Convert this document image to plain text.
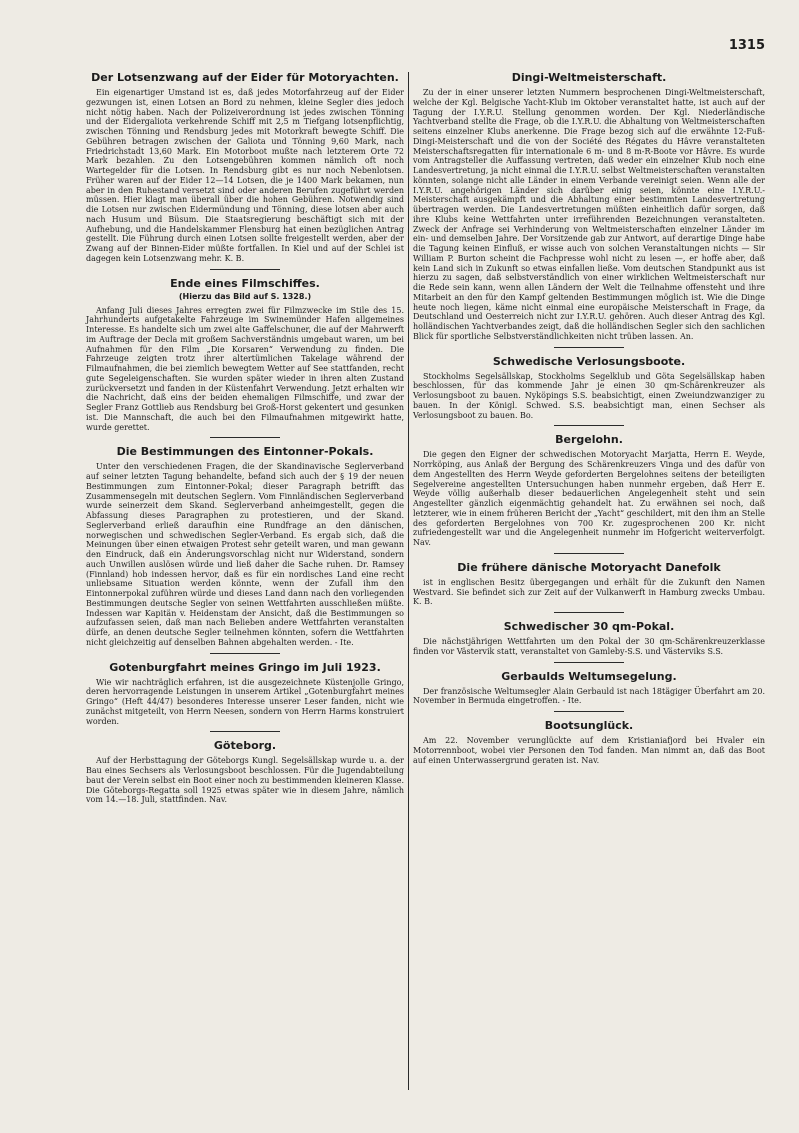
1315
Der Lotsenzwang auf der Eider für Motoryachten.

Ein eigenartiger Umstand ist es, daß jedes Motorfahrzeug auf der Eider gezwungen ist, einen Lotsen an Bord zu nehmen, kleine Segler dies jedoch nicht nötig haben. Nach der Polizeiverordnung ist jedes zwischen Tönning und der Eidergaliota verkehrende Schiff mit 2,5 m Tiefgang lotsenpflichtig, zwischen Tönning und Rendsburg jedes mit Motorkraft bewegte Schiff. Die Gebühren betragen zwischen der Galiota und Tönning 9,60 Mark, nach Friedrichstadt 13,60 Mark. Ein Motorboot mußte nach letzterem Orte 72 Mark bezahlen. Zu den Lotsengebühren kommen nämlich oft noch Wartegelder für die Lotsen. In Rendsburg gibt es nur noch Nebenlotsen. Früher waren auf der Eider 12—14 Lotsen, die je 1400 Mark bekamen, nun aber in den Ruhestand versetzt sind oder anderen Berufen zugeführt werden müssen. Hier klagt man überall über die hohen Gebühren. Notwendig sind die Lotsen nur zwischen Eidermündung und Tönning, diese lotsen aber auch nach Husum und Büsum. Die Staatsregierung beschäftigt sich mit der Aufhebung, und die Handelskammer Flensburg hat einen bezüglichen Antrag gestellt. Die Führung durch einen Lotsen sollte freigestellt werden, aber der Zwang auf der Binnen-Eider müßte fortfallen. In Kiel und auf der Schlei ist dagegen kein Lotsenzwang mehr. K. B.

Ende eines Filmschiffes.

(Hierzu das Bild auf S. 1328.)

Anfang Juli dieses Jahres erregten zwei für Filmzwecke im Stile des 15. Jahrhunderts aufgetakelte Fahrzeuge im Swinemünder Hafen allgemeines Interesse. Es handelte sich um zwei alte Gaffelschuner, die auf der Mahrwerft im Auftrage der Decla mit großem Sachverständnis umgebaut waren, um bei Aufnahmen für den Film „Die Korsaren“ Verwendung zu finden. Die Fahrzeuge zeigten trotz ihrer altertümlichen Takelage während der Filmaufnahmen, die bei ziemlich bewegtem Wetter auf See stattfanden, recht gute Segeleigenschaften. Sie wurden später wieder in ihren alten Zustand zurückversetzt und fanden in der Küstenfahrt Verwendung. Jetzt erhalten wir die Nachricht, daß eins der beiden ehemaligen Filmschiffe, und zwar der Segler Franz Gottlieb aus Rendsburg bei Groß-Horst gekentert und gesunken ist. Die Mannschaft, die auch bei den Filmaufnahmen mitgewirkt hatte, wurde gerettet.

Die Bestimmungen des Eintonner-Pokals.

Unter den verschiedenen Fragen, die der Skandinavische Seglerverband auf seiner letzten Tagung behandelte, befand sich auch der § 19 der neuen Bestimmungen zum Eintonner-Pokal; dieser Paragraph betrifft das Zusammensegeln mit deutschen Seglern. Vom Finnländischen Seglerverband wurde seinerzeit dem Skand. Seglerverband anheimgestellt, gegen die Abfassung dieses Paragraphen zu protestieren, und der Skand. Seglerverband erließ daraufhin eine Rundfrage an den dänischen, norwegischen und schwedischen Segler-Verband. Es ergab sich, daß die Meinungen über einen etwaigen Protest sehr geteilt waren, und man gewann den Eindruck, daß ein Änderungsvorschlag nicht nur Widerstand, sondern auch Unwillen auslösen würde und ließ daher die Sache ruhen. Dr. Ramsey (Finnland) hob indessen hervor, daß es für ein nordisches Land eine recht unliebsame Situation werden könnte, wenn der Zufall ihm den Eintonnerpokal zuführen würde und dieses Land dann nach den vorliegenden Bestimmungen deutsche Segler von seinen Wettfahrten ausschließen müßte. Indessen war Kapitän v. Heidenstam der Ansicht, daß die Bestimmungen so aufzufassen seien, daß man nach Belieben andere Wettfahrten veranstalten dürfe, an denen deutsche Segler teilnehmen könnten, sofern die Wettfahrten nicht gleichzeitig auf denselben Bahnen abgehalten werden. - Ite.

Gotenburgfahrt meines Gringo im Juli 1923.

Wie wir nachträglich erfahren, ist die ausgezeichnete Küstenjolle Gringo, deren hervorragende Leistungen in unserem Artikel „Gotenburgfahrt meines Gringo“ (Heft 44/47) besonderes Interesse unserer Leser fanden, nicht wie zunächst mitgeteilt, von Herrn Neesen, sondern von Herrn Harms konstruiert worden.

Göteborg.

Auf der Herbsttagung der Göteborgs Kungl. Segelsällskap wurde u. a. der Bau eines Sechsers als Verlosungsboot beschlossen. Für die Jugendabteilung baut der Verein selbst ein Boot einer noch zu bestimmenden kleineren Klasse. Die Göteborgs-Regatta soll 1925 etwas später wie in diesem Jahre, nämlich vom 14.—18. Juli, stattfinden. Nav.

Dingi-Weltmeisterschaft.

Zu der in einer unserer letzten Nummern besprochenen Dingi-Weltmeisterschaft, welche der Kgl. Belgische Yacht-Klub im Oktober veranstaltet hatte, ist auch auf der Tagung der I.Y.R.U. Stellung genommen worden. Der Kgl. Niederländische Yachtverband stellte die Frage, ob die I.Y.R.U. die Abhaltung von Weltmeisterschaften seitens einzelner Klubs anerkenne. Die Frage bezog sich auf die erwähnte 12-Fuß-Dingi-Meisterschaft und die von der Société des Régates du Hâvre veranstalteten Meisterschaftsregatten für internationale 6 m- und 8 m-R-Boote vor Hâvre. Es wurde vom Antragsteller die Auffassung vertreten, daß weder ein einzelner Klub noch eine Landesvertretung, ja nicht einmal die I.Y.R.U. selbst Weltmeisterschaften veranstalten könnten, solange nicht alle Länder in einem Verbande vereinigt seien. Wenn alle der I.Y.R.U. angehörigen Länder sich darüber einig seien, könnte eine I.Y.R.U.-Meisterschaft ausgekämpft und die Abhaltung einer bestimmten Landesvertretung übertragen werden. Die Landesvertretungen müßten einheitlich dafür sorgen, daß ihre Klubs keine Wettfahrten unter irreführenden Bezeichnungen veranstalteten. Zweck der Anfrage sei Verhinderung von Weltmeisterschaften einzelner Länder im ein- und demselben Jahre. Der Vorsitzende gab zur Antwort, auf derartige Dinge habe die Tagung keinen Einfluß, er wisse auch von solchen Veranstaltungen nichts — Sir William P. Burton scheint die Fachpresse wohl nicht zu lesen —, er hoffe aber, daß kein Land sich in Zukunft so etwas einfallen ließe. Vom deutschen Standpunkt aus ist hierzu zu sagen, daß selbstverständlich von einer wirklichen Weltmeisterschaft nur die Rede sein kann, wenn allen Ländern der Welt die Teilnahme offensteht und ihre Mitarbeit an den für den Kampf geltenden Bestimmungen möglich ist. Wie die Dinge heute noch liegen, käme nicht einmal eine europäische Meisterschaft in Frage, da Deutschland und Oesterreich nicht zur I.Y.R.U. gehören. Auch dieser Antrag des Kgl. holländischen Yachtverbandes zeigt, daß die holländischen Segler sich den sachlichen Blick für sportliche Selbstverständlichkeiten nicht trüben lassen. An.

Schwedische Verlosungsboote.

Stockholms Segelsällskap, Stockholms Segelklub und Göta Segelsällskap haben beschlossen, für das kommende Jahr je einen 30 qm-Schärenkreuzer als Verlosungsboot zu bauen. Nyköpings S.S. beabsichtigt, einen Zweiundzwanziger zu bauen. In der Königl. Schwed. S.S. beabsichtigt man, einen Sechser als Verlosungsboot zu bauen. Bo.

Bergelohn.

Die gegen den Eigner der schwedischen Motoryacht Marjatta, Herrn E. Weyde, Norrköping, aus Anlaß der Bergung des Schärenkreuzers Vinga und des dafür von dem Angestellten des Herrn Weyde geforderten Bergelohnes seitens der beteiligten Segelvereine angestellten Untersuchungen haben nunmehr ergeben, daß Herr E. Weyde völlig außerhalb dieser bedauerlichen Angelegenheit steht und sein Angestellter gänzlich eigenmächtig gehandelt hat. Zu erwähnen sei noch, daß letzterer, wie in einem früheren Bericht der „Yacht“ geschildert, mit den ihm an Stelle des geforderten Bergelohnes von 700 Kr. zugesprochenen 200 Kr. nicht zufriedengestellt war und die Angelegenheit nunmehr im Hofgericht weiterverfolgt. Nav.

Die frühere dänische Motoryacht Danefolk

ist in englischen Besitz übergegangen und erhält für die Zukunft den Namen Westvard. Sie befindet sich zur Zeit auf der Vulkanwerft in Hamburg zwecks Umbau. K. B.

Schwedischer 30 qm-Pokal.

Die nächstjährigen Wettfahrten um den Pokal der 30 qm-Schärenkreuzerklasse finden vor Västervik statt, veranstaltet von Gamleby-S.S. und Västerviks S.S.

Gerbaulds Weltumsegelung.

Der französische Weltumsegler Alain Gerbauld ist nach 18tägiger Überfahrt am 20. November in Bermuda eingetroffen. - Ite.

Bootsunglück.

Am 22. November verunglückte auf dem Kristianiafjord bei Hvaler ein Motorrennboot, wobei vier Personen den Tod fanden. Man nimmt an, daß das Boot auf einen Unterwassergrund geraten ist. Nav.
